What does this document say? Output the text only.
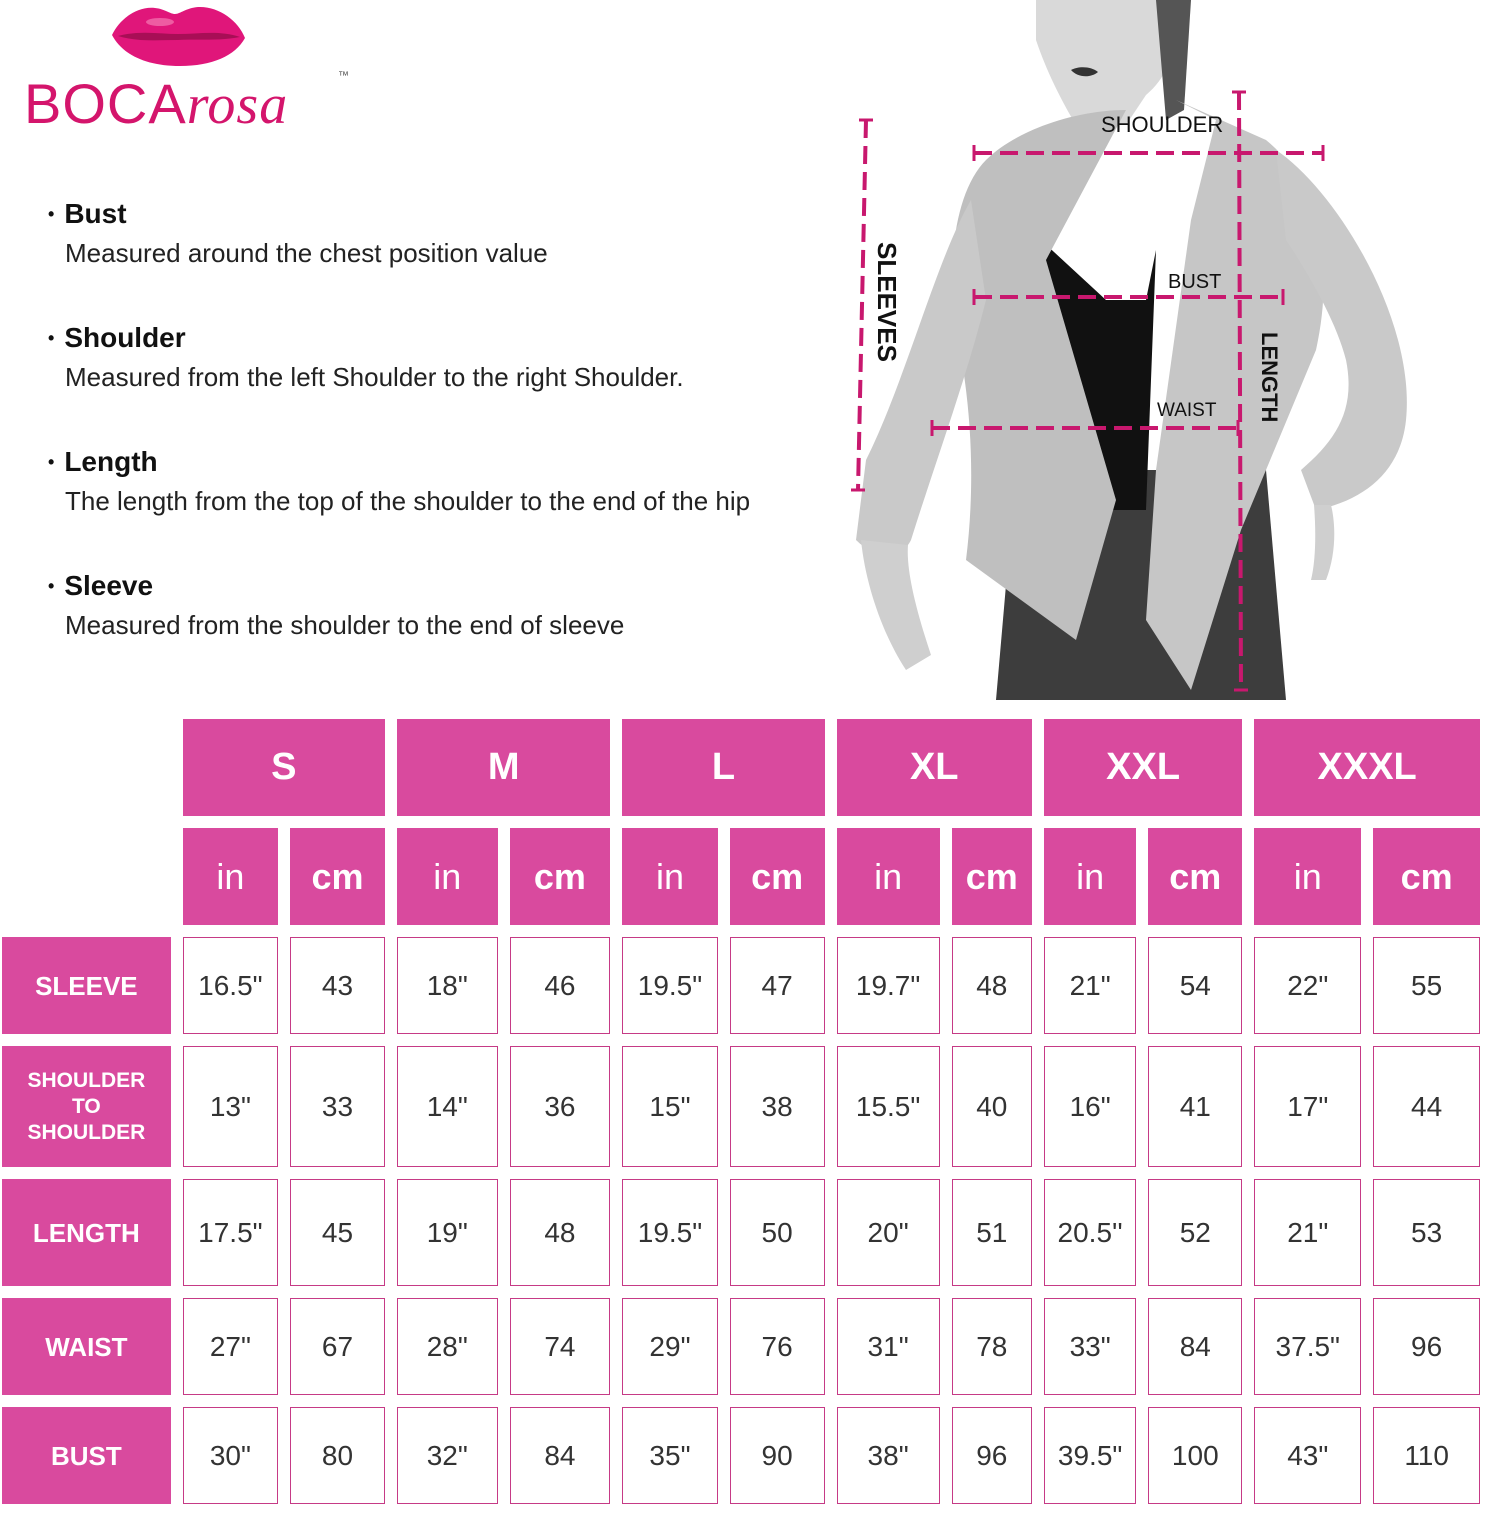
BOCArosa	™
• Bust

Measured around the chest position value

• Shoulder

Measured from the left Shoulder to the right Shoulder.

• Length

The length from the top of the shoulder to the end of the hip

• Sleeve

Measured from the shoulder to the end of sleeve

SHOULDER
BUST
WAIST
SLEEVES
LENGTH
	S		M		L		XL		XXL		XXXL	
	in	cm	in	cm	in	cm	in	cm	in	cm	in	cm
SLEEVE	16.5"	43	18"	46	19.5"	47	19.7"	48	21"	54	22"	55

SHOULDER
TO
SHOULDER	13"	33	14"	36	15"	38	15.5"	40	16"	41	17"	44
LENGTH	17.5"	45	19"	48	19.5"	50	20"	51	20.5''	52	21"	53
WAIST	27"	67	28"	74	29"	76	31"	78	33"	84	37.5"	96
BUST	30"	80	32"	84	35"	90	38"	96	39.5"	100	43"	110
